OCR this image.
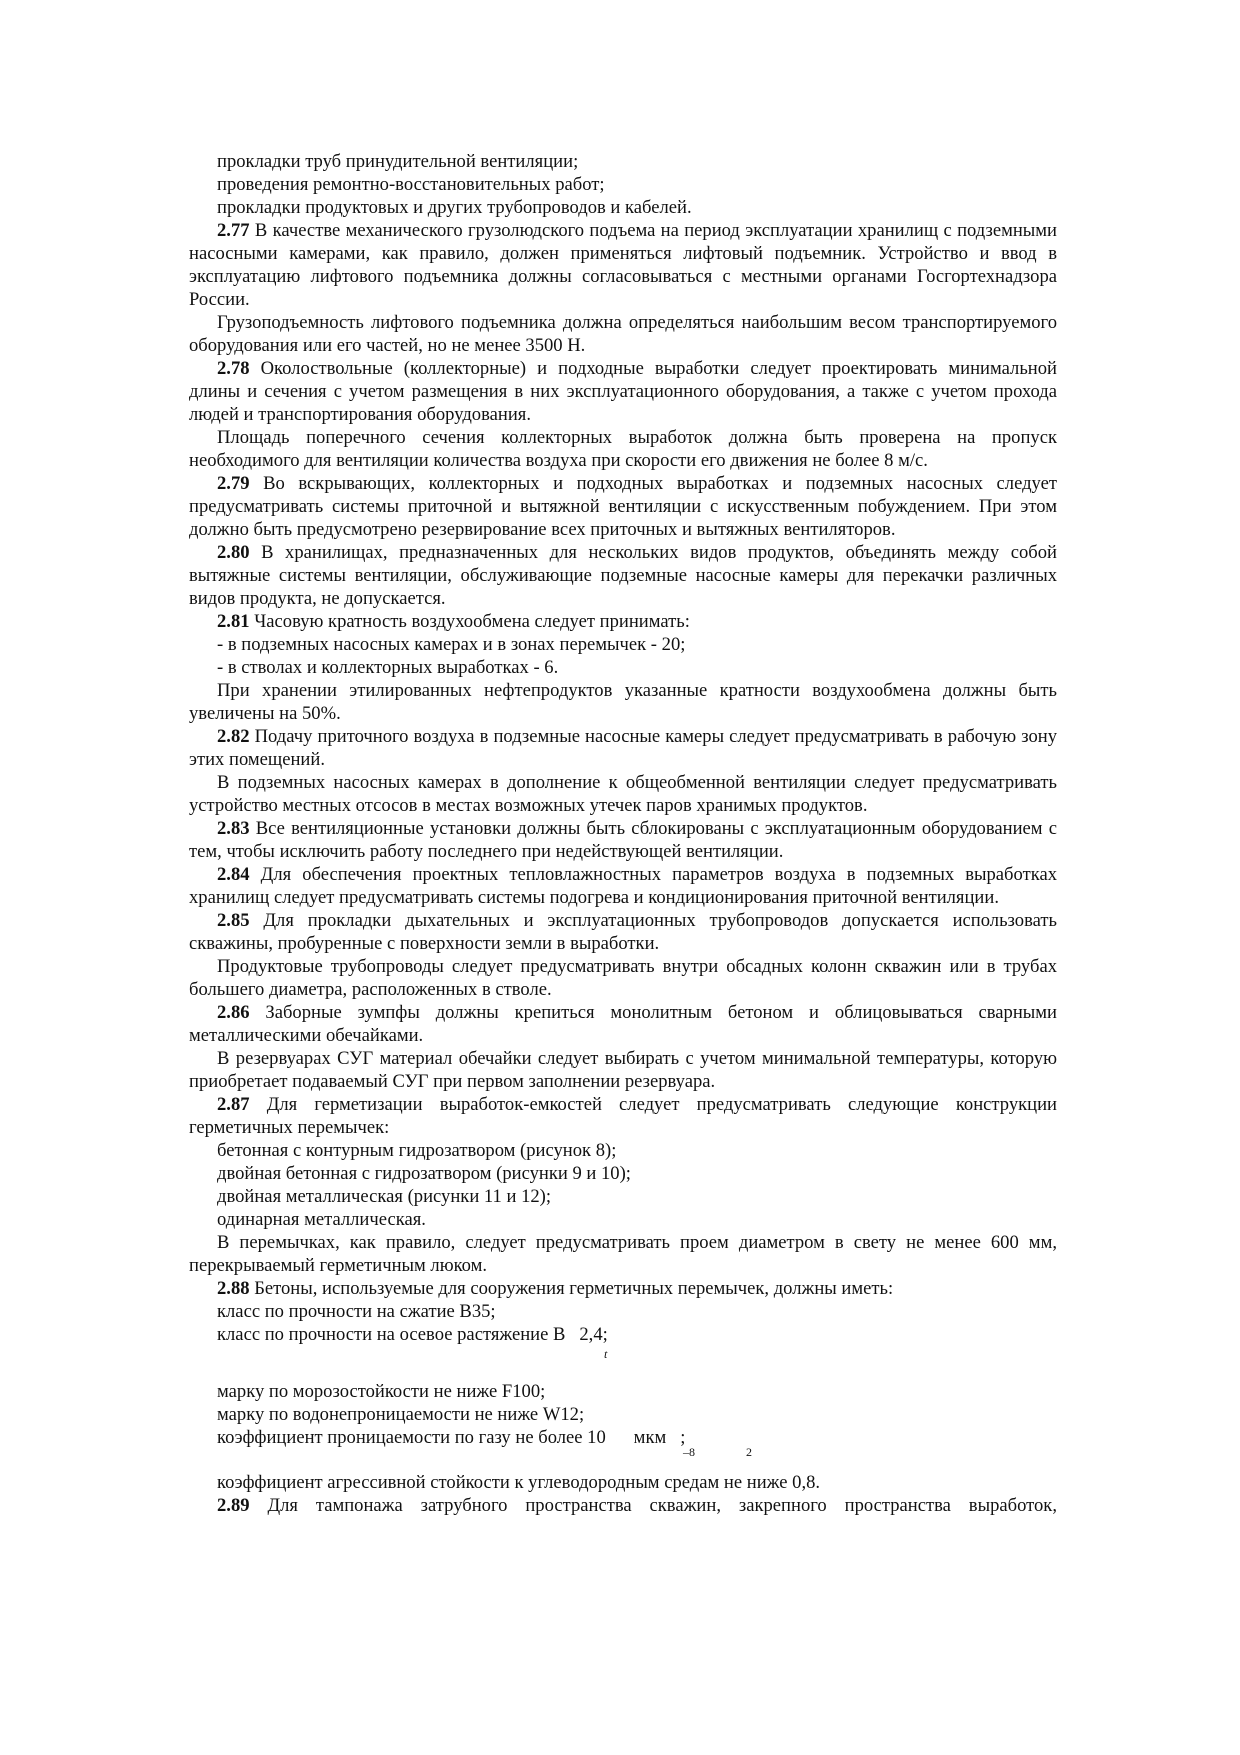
прокладки труб принудительной вентиляции;

проведения ремонтно-восстановительных работ;

прокладки продуктовых и других трубопроводов и кабелей.

2.77 В качестве механического грузолюдского подъема на период эксплуатации хранилищ с подземными насосными камерами, как правило, должен применяться лифтовый подъемник. Устройство и ввод в эксплуатацию лифтового подъемника должны согласовываться с местными органами Госгортехнадзора России.

Грузоподъемность лифтового подъемника должна определяться наибольшим весом транспортируемого оборудования или его частей, но не менее 3500 Н.

2.78 Околоствольные (коллекторные) и подходные выработки следует проектировать минимальной длины и сечения с учетом размещения в них эксплуатационного оборудования, а также с учетом прохода людей и транспортирования оборудования.

Площадь поперечного сечения коллекторных выработок должна быть проверена на пропуск необходимого для вентиляции количества воздуха при скорости его движения не более 8 м/с.

2.79 Во вскрывающих, коллекторных и подходных выработках и подземных насосных следует предусматривать системы приточной и вытяжной вентиляции с искусственным побуждением. При этом должно быть предусмотрено резервирование всех приточных и вытяжных вентиляторов.

2.80 В хранилищах, предназначенных для нескольких видов продуктов, объединять между собой вытяжные системы вентиляции, обслуживающие подземные насосные камеры для перекачки различных видов продукта, не допускается.

2.81 Часовую кратность воздухообмена следует принимать:

- в подземных насосных камерах и в зонах перемычек - 20;

- в стволах и коллекторных выработках - 6.

При хранении этилированных нефтепродуктов указанные кратности воздухообмена должны быть увеличены на 50%.

2.82 Подачу приточного воздуха в подземные насосные камеры следует предусматривать в рабочую зону этих помещений.

В подземных насосных камерах в дополнение к общеобменной вентиляции следует предусматривать устройство местных отсосов в местах возможных утечек паров хранимых продуктов.

2.83 Все вентиляционные установки должны быть сблокированы с эксплуатационным оборудованием с тем, чтобы исключить работу последнего при недействующей вентиляции.

2.84 Для обеспечения проектных тепловлажностных параметров воздуха в подземных выработках хранилищ следует предусматривать системы подогрева и кондиционирования приточной вентиляции.

2.85 Для прокладки дыхательных и эксплуатационных трубопроводов допускается использовать скважины, пробуренные с поверхности земли в выработки.

Продуктовые трубопроводы следует предусматривать внутри обсадных колонн скважин или в трубах большего диаметра, расположенных в стволе.

2.86 Заборные зумпфы должны крепиться монолитным бетоном и облицовываться сварными металлическими обечайками.

В резервуарах СУГ материал обечайки следует выбирать с учетом минимальной температуры, которую приобретает подаваемый СУГ при первом заполнении резервуара.

2.87 Для герметизации выработок-емкостей следует предусматривать следующие конструкции герметичных перемычек:

бетонная с контурным гидрозатвором (рисунок 8);

двойная бетонная с гидрозатвором (рисунки 9 и 10);

двойная металлическая (рисунки 11 и 12);

одинарная металлическая.

В перемычках, как правило, следует предусматривать проем диаметром в свету не менее 600 мм, перекрываемый герметичным люком.

2.88 Бетоны, используемые для сооружения герметичных перемычек, должны иметь:

класс по прочности на сжатие В35;

класс по прочности на осевое растяжение B   2,4;

t

марку по морозостойкости не ниже F100;

марку по водонепроницаемости не ниже W12;

коэффициент проницаемости по газу не более 10      мкм   ;
–8	2

коэффициент агрессивной стойкости к углеводородным средам не ниже 0,8.

2.89 Для тампонажа затрубного пространства скважин, закрепного пространства выработок,
